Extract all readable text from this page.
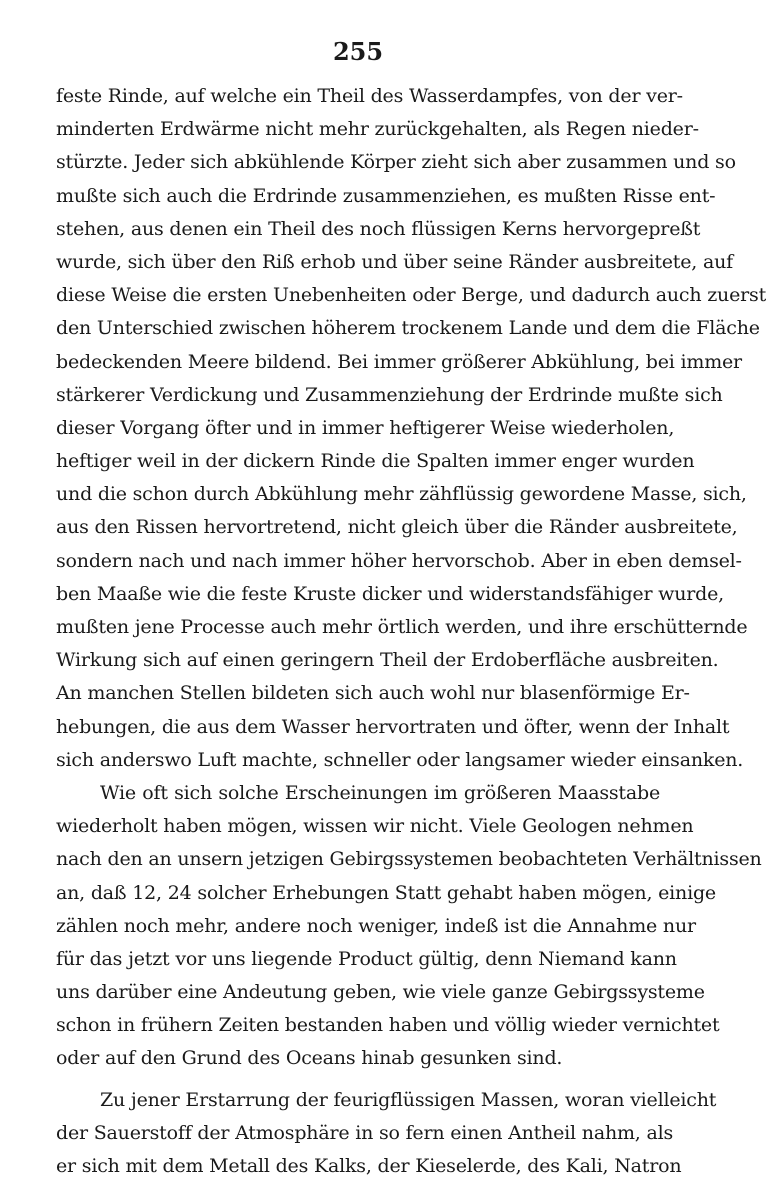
255
feste Rinde, auf welche ein Theil des Wasserdampfes, von der ver-
minderten Erdwärme nicht mehr zurückgehalten, als Regen nieder-
stürzte. Jeder sich abkühlende Körper zieht sich aber zusammen und so
mußte sich auch die Erdrinde zusammenziehen, es mußten Risse ent-
stehen, aus denen ein Theil des noch flüssigen Kerns hervorgepreßt
wurde, sich über den Riß erhob und über seine Ränder ausbreitete, auf
diese Weise die ersten Unebenheiten oder Berge, und dadurch auch zuerst
den Unterschied zwischen höherem trockenem Lande und dem die Fläche
bedeckenden Meere bildend. Bei immer größerer Abkühlung, bei immer
stärkerer Verdickung und Zusammenziehung der Erdrinde mußte sich
dieser Vorgang öfter und in immer heftigerer Weise wiederholen,
heftiger weil in der dickern Rinde die Spalten immer enger wurden
und die schon durch Abkühlung mehr zähflüssig gewordene Masse, sich,
aus den Rissen hervortretend, nicht gleich über die Ränder ausbreitete,
sondern nach und nach immer höher hervorschob. Aber in eben demsel-
ben Maaße wie die feste Kruste dicker und widerstandsfähiger wurde,
mußten jene Processe auch mehr örtlich werden, und ihre erschütternde
Wirkung sich auf einen geringern Theil der Erdoberfläche ausbreiten.
An manchen Stellen bildeten sich auch wohl nur blasenförmige Er-
hebungen, die aus dem Wasser hervortraten und öfter, wenn der Inhalt
sich anderswo Luft machte, schneller oder langsamer wieder einsanken.
Wie oft sich solche Erscheinungen im größeren Maasstabe
wiederholt haben mögen, wissen wir nicht. Viele Geologen nehmen
nach den an unsern jetzigen Gebirgssystemen beobachteten Verhältnissen
an, daß 12, 24 solcher Erhebungen Statt gehabt haben mögen, einige
zählen noch mehr, andere noch weniger, indeß ist die Annahme nur
für das jetzt vor uns liegende Product gültig, denn Niemand kann
uns darüber eine Andeutung geben, wie viele ganze Gebirgssysteme
schon in frühern Zeiten bestanden haben und völlig wieder vernichtet
oder auf den Grund des Oceans hinab gesunken sind.
Zu jener Erstarrung der feurigflüssigen Massen, woran vielleicht
der Sauerstoff der Atmosphäre in so fern einen Antheil nahm, als
er sich mit dem Metall des Kalks, der Kieselerde, des Kali, Natron
